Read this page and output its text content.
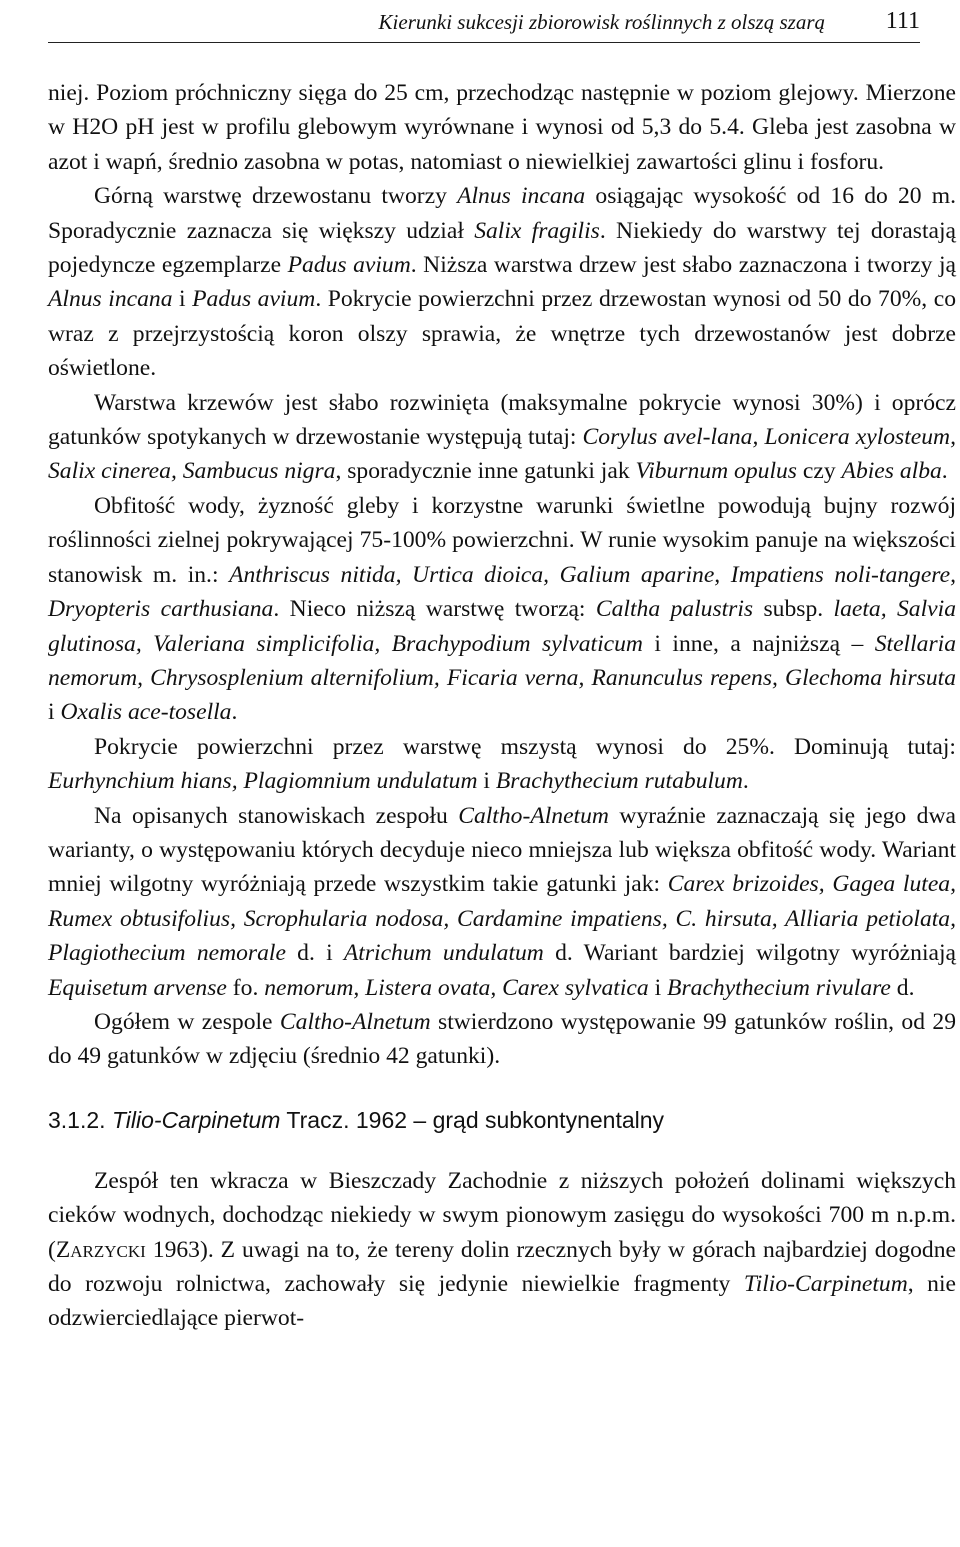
Kierunki sukcesji zbiorowisk roślinnych z olszą szarą	111

niej. Poziom próchniczny sięga do 25 cm, przechodząc następnie w poziom glejowy. Mierzone w H2O pH jest w profilu glebowym wyrównane i wynosi od 5,3 do 5.4. Gleba jest zasobna w azot i wapń, średnio zasobna w potas, natomiast o niewielkiej zawartości glinu i fosforu.

Górną warstwę drzewostanu tworzy Alnus incana osiągając wysokość od 16 do 20 m. Sporadycznie zaznacza się większy udział Salix fragilis. Niekiedy do warstwy tej dorastają pojedyncze egzemplarze Padus avium. Niższa warstwa drzew jest słabo zaznaczona i tworzy ją Alnus incana i Padus avium. Pokrycie powierzchni przez drzewostan wynosi od 50 do 70%, co wraz z przejrzystością koron olszy sprawia, że wnętrze tych drzewostanów jest dobrze oświetlone.

Warstwa krzewów jest słabo rozwinięta (maksymalne pokrycie wynosi 30%) i oprócz gatunków spotykanych w drzewostanie występują tutaj: Corylus avel-lana, Lonicera xylosteum, Salix cinerea, Sambucus nigra, sporadycznie inne gatunki jak Viburnum opulus czy Abies alba.

Obfitość wody, żyzność gleby i korzystne warunki świetlne powodują bujny rozwój roślinności zielnej pokrywającej 75-100% powierzchni. W runie wysokim panuje na większości stanowisk m. in.: Anthriscus nitida, Urtica dioica, Galium aparine, Impatiens noli-tangere, Dryopteris carthusiana. Nieco niższą warstwę tworzą: Caltha palustris subsp. laeta, Salvia glutinosa, Valeriana simplicifolia, Brachypodium sylvaticum i inne, a najniższą – Stellaria nemorum, Chrysosplenium alternifolium, Ficaria verna, Ranunculus repens, Glechoma hirsuta i Oxalis ace-tosella.

Pokrycie powierzchni przez warstwę mszystą wynosi do 25%. Dominują tutaj: Eurhynchium hians, Plagiomnium undulatum i Brachythecium rutabulum.

Na opisanych stanowiskach zespołu Caltho-Alnetum wyraźnie zaznaczają się jego dwa warianty, o występowaniu których decyduje nieco mniejsza lub większa obfitość wody. Wariant mniej wilgotny wyróżniają przede wszystkim takie gatunki jak: Carex brizoides, Gagea lutea, Rumex obtusifolius, Scrophularia nodosa, Cardamine impatiens, C. hirsuta, Alliaria petiolata, Plagiothecium nemorale d. i Atrichum undulatum d. Wariant bardziej wilgotny wyróżniają Equisetum arvense fo. nemorum, Listera ovata, Carex sylvatica i Brachythecium rivulare d.

Ogółem w zespole Caltho-Alnetum stwierdzono występowanie 99 gatunków roślin, od 29 do 49 gatunków w zdjęciu (średnio 42 gatunki).

3.1.2. Tilio-Carpinetum Tracz. 1962 – grąd subkontynentalny

Zespół ten wkracza w Bieszczady Zachodnie z niższych położeń dolinami większych cieków wodnych, dochodząc niekiedy w swym pionowym zasięgu do wysokości 700 m n.p.m. (Zarzycki 1963). Z uwagi na to, że tereny dolin rzecznych były w górach najbardziej dogodne do rozwoju rolnictwa, zachowały się jedynie niewielkie fragmenty Tilio-Carpinetum, nie odzwierciedlające pierwot-
